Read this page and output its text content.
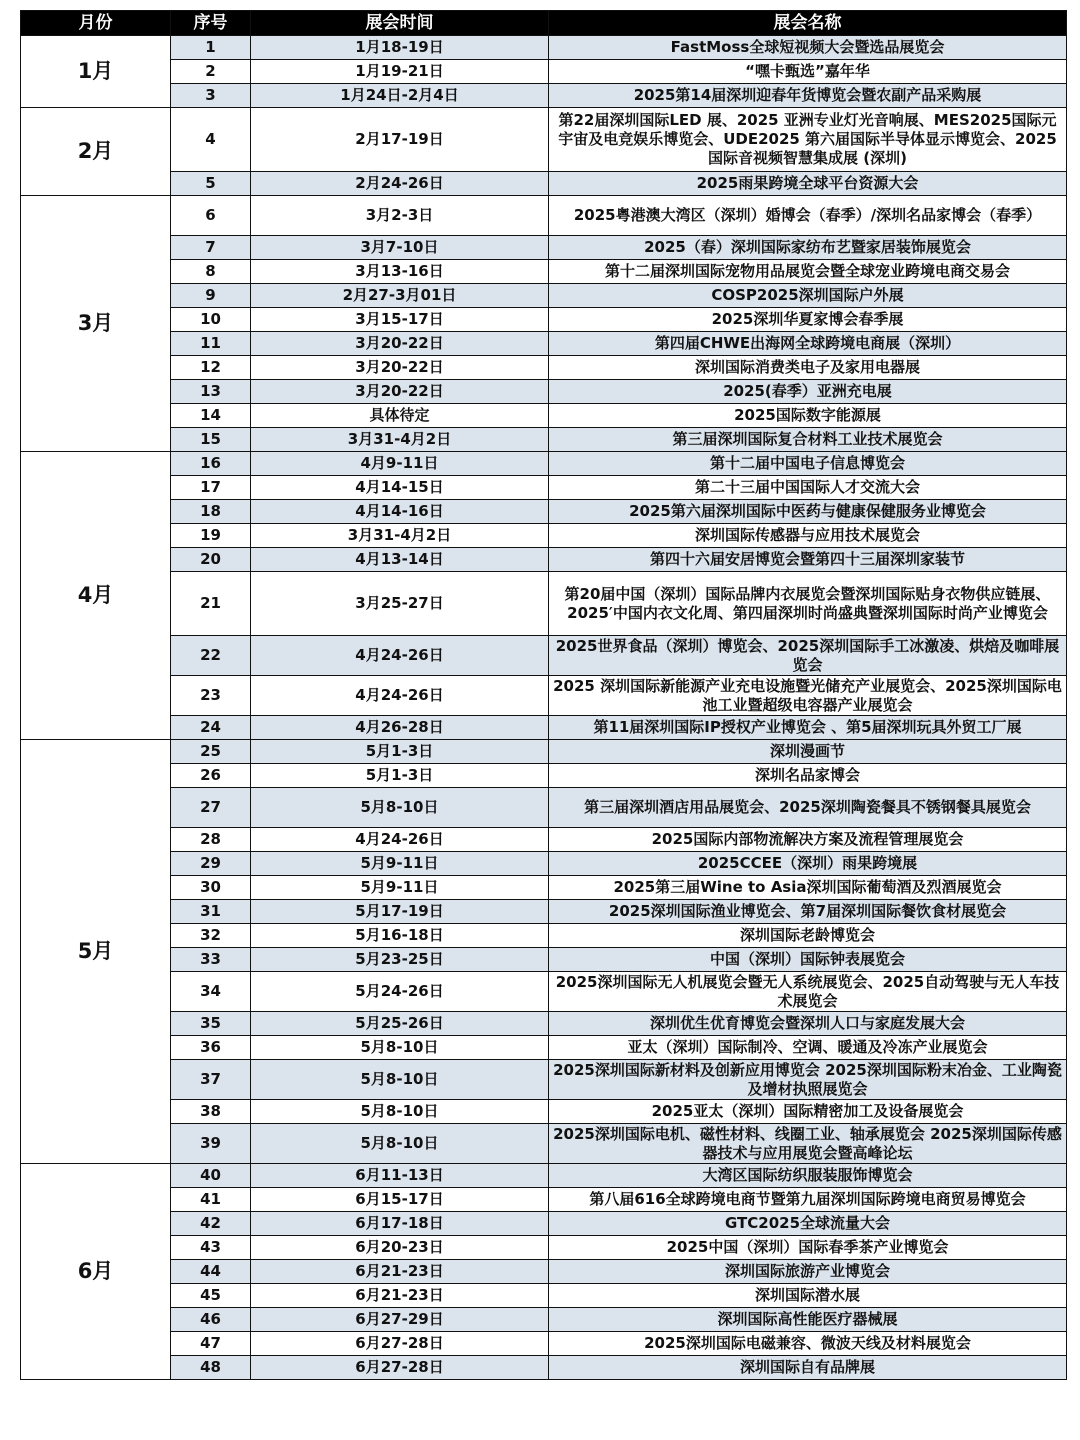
月份	序号	展会时间	展会名称
1月	1	1月18-19日	FastMoss全球短视频大会暨选品展览会
	2	1月19-21日	“嘿卡甄选”嘉年华
	3	1月24日-2月4日	2025第14届深圳迎春年货博览会暨农副产品采购展
2月	4	2月17-19日	第22届深圳国际LED 展、2025 亚洲专业灯光音响展、MES2025国际元宇宙及电竞娱乐博览会、UDE2025 第六届国际半导体显示博览会、2025国际音视频智慧集成展 (深圳)
	5	2月24-26日	2025雨果跨境全球平台资源大会
3月	6	3月2-3日	2025粤港澳大湾区（深圳）婚博会（春季）/深圳名品家博会（春季）
	7	3月7-10日	2025（春）深圳国际家纺布艺暨家居装饰展览会
	8	3月13-16日	第十二届深圳国际宠物用品展览会暨全球宠业跨境电商交易会
	9	2月27-3月01日	COSP2025深圳国际户外展
	10	3月15-17日	2025深圳华夏家博会春季展
	11	3月20-22日	第四届CHWE出海网全球跨境电商展（深圳）
	12	3月20-22日	深圳国际消费类电子及家用电器展
	13	3月20-22日	2025(春季）亚洲充电展
	14	具体待定	2025国际数字能源展
	15	3月31-4月2日	第三届深圳国际复合材料工业技术展览会
4月	16	4月9-11日	第十二届中国电子信息博览会
	17	4月14-15日	第二十三届中国国际人才交流大会
	18	4月14-16日	2025第六届深圳国际中医药与健康保健服务业博览会
	19	3月31-4月2日	深圳国际传感器与应用技术展览会
	20	4月13-14日	第四十六届安居博览会暨第四十三届深圳家装节
	21	3月25-27日	第20届中国（深圳）国际品牌内衣展览会暨深圳国际贴身衣物供应链展、2025′中国内衣文化周、第四届深圳时尚盛典暨深圳国际时尚产业博览会
	22	4月24-26日	2025世界食品（深圳）博览会、2025深圳国际手工冰激凌、烘焙及咖啡展览会
	23	4月24-26日	2025 深圳国际新能源产业充电设施暨光储充产业展览会、2025深圳国际电池工业暨超级电容器产业展览会
	24	4月26-28日	第11届深圳国际IP授权产业博览会 、第5届深圳玩具外贸工厂展
5月	25	5月1-3日	深圳漫画节
	26	5月1-3日	深圳名品家博会
	27	5月8-10日	第三届深圳酒店用品展览会、2025深圳陶瓷餐具不锈钢餐具展览会
	28	4月24-26日	2025国际内部物流解决方案及流程管理展览会
	29	5月9-11日	2025CCEE（深圳）雨果跨境展
	30	5月9-11日	2025第三届Wine to Asia深圳国际葡萄酒及烈酒展览会
	31	5月17-19日	2025深圳国际渔业博览会、第7届深圳国际餐饮食材展览会
	32	5月16-18日	深圳国际老龄博览会
	33	5月23-25日	中国（深圳）国际钟表展览会
	34	5月24-26日	2025深圳国际无人机展览会暨无人系统展览会、2025自动驾驶与无人车技术展览会
	35	5月25-26日	深圳优生优育博览会暨深圳人口与家庭发展大会
	36	5月8-10日	亚太（深圳）国际制冷、空调、暖通及冷冻产业展览会
	37	5月8-10日	2025深圳国际新材料及创新应用博览会 2025深圳国际粉末冶金、工业陶瓷及增材执照展览会
	38	5月8-10日	2025亚太（深圳）国际精密加工及设备展览会
	39	5月8-10日	2025深圳国际电机、磁性材料、线圈工业、轴承展览会 2025深圳国际传感器技术与应用展览会暨高峰论坛
6月	40	6月11-13日	大湾区国际纺织服装服饰博览会
	41	6月15-17日	第八届616全球跨境电商节暨第九届深圳国际跨境电商贸易博览会
	42	6月17-18日	GTC2025全球流量大会
	43	6月20-23日	2025中国（深圳）国际春季茶产业博览会
	44	6月21-23日	深圳国际旅游产业博览会
	45	6月21-23日	深圳国际潜水展
	46	6月27-29日	深圳国际高性能医疗器械展
	47	6月27-28日	2025深圳国际电磁兼容、微波天线及材料展览会
	48	6月27-28日	深圳国际自有品牌展
